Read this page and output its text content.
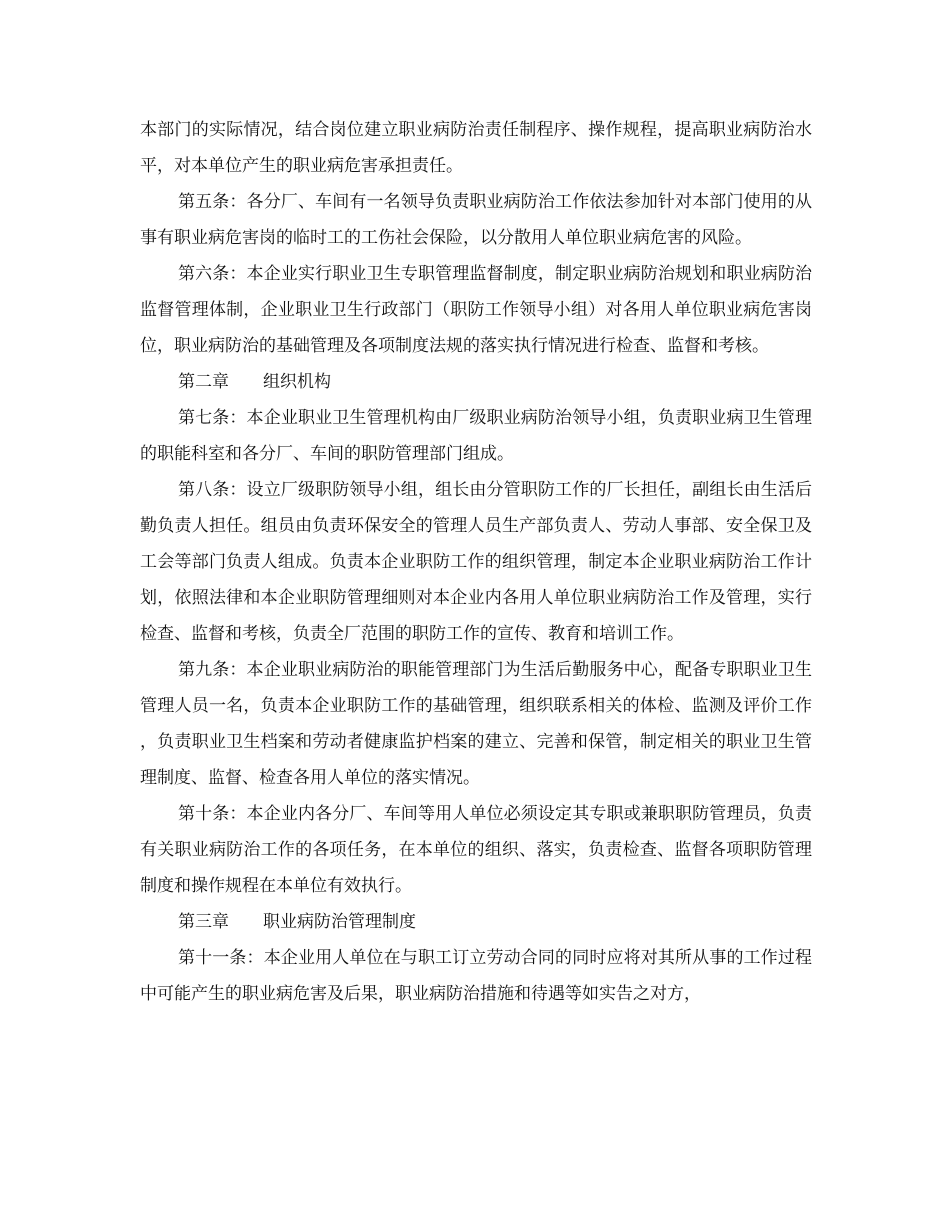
本部门的实际情况，结合岗位建立职业病防治责任制程序、操作规程，提高职业病防治水平，对本单位产生的职业病危害承担责任。

第五条：各分厂、车间有一名领导负责职业病防治工作依法参加针对本部门使用的从事有职业病危害岗的临时工的工伤社会保险，以分散用人单位职业病危害的风险。

第六条：本企业实行职业卫生专职管理监督制度，制定职业病防治规划和职业病防治监督管理体制，企业职业卫生行政部门（职防工作领导小组）对各用人单位职业病危害岗位，职业病防治的基础管理及各项制度法规的落实执行情况进行检查、监督和考核。

第二章　　组织机构

第七条：本企业职业卫生管理机构由厂级职业病防治领导小组，负责职业病卫生管理的职能科室和各分厂、车间的职防管理部门组成。

第八条：设立厂级职防领导小组，组长由分管职防工作的厂长担任，副组长由生活后勤负责人担任。组员由负责环保安全的管理人员生产部负责人、劳动人事部、安全保卫及工会等部门负责人组成。负责本企业职防工作的组织管理，制定本企业职业病防治工作计划，依照法律和本企业职防管理细则对本企业内各用人单位职业病防治工作及管理，实行检查、监督和考核，负责全厂范围的职防工作的宣传、教育和培训工作。

第九条：本企业职业病防治的职能管理部门为生活后勤服务中心，配备专职职业卫生管理人员一名，负责本企业职防工作的基础管理，组织联系相关的体检、监测及评价工作，负责职业卫生档案和劳动者健康监护档案的建立、完善和保管，制定相关的职业卫生管理制度、监督、检查各用人单位的落实情况。

第十条：本企业内各分厂、车间等用人单位必须设定其专职或兼职职防管理员，负责有关职业病防治工作的各项任务，在本单位的组织、落实，负责检查、监督各项职防管理制度和操作规程在本单位有效执行。

第三章　　职业病防治管理制度

第十一条：本企业用人单位在与职工订立劳动合同的同时应将对其所从事的工作过程中可能产生的职业病危害及后果，职业病防治措施和待遇等如实告之对方，
